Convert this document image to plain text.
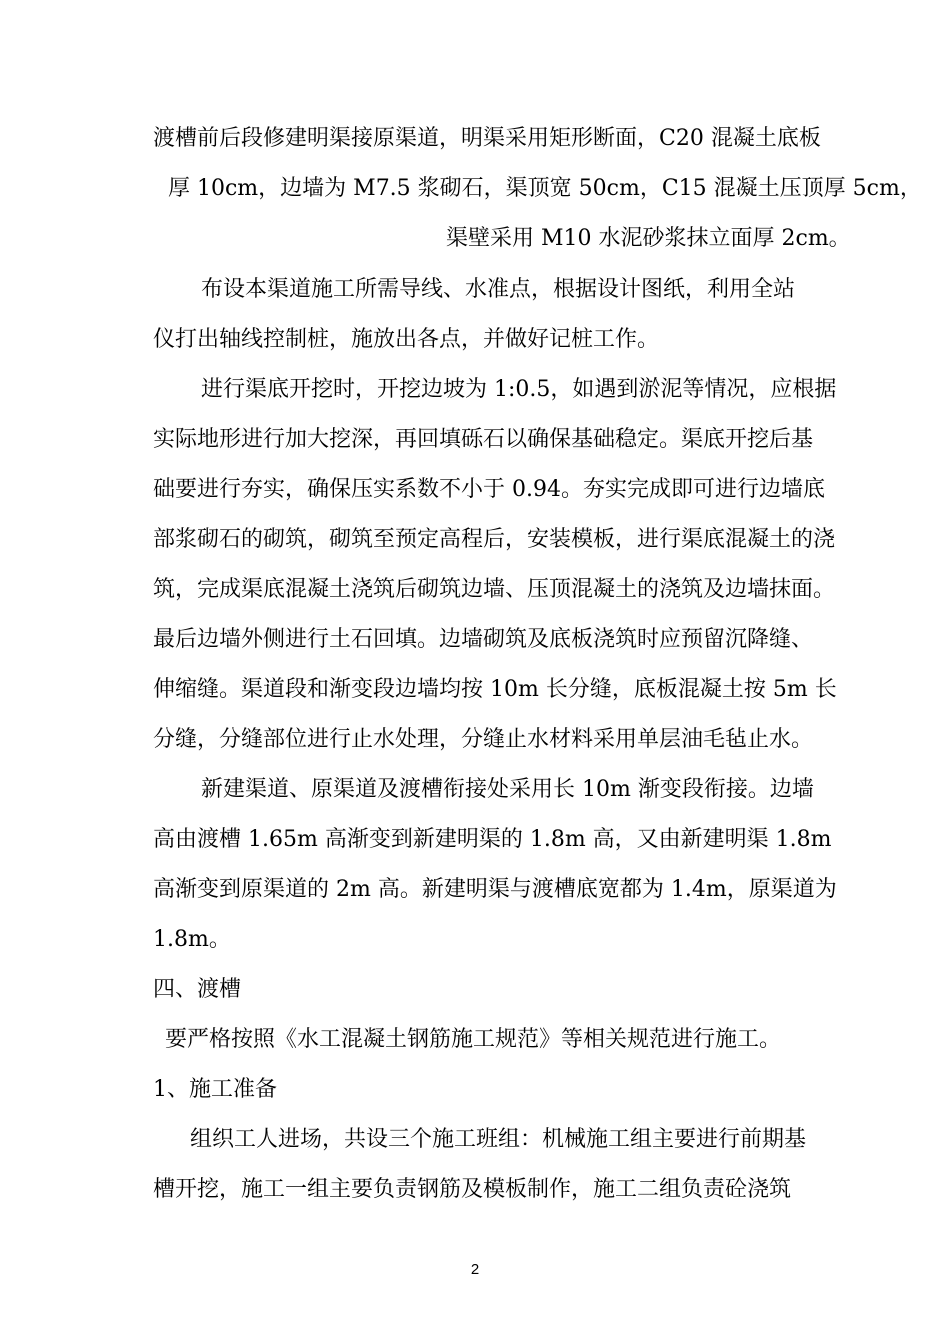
渡槽前后段修建明渠接原渠道，明渠采用矩形断面，C20 混凝土底板
厚 10cm，边墙为 M7.5 浆砌石，渠顶宽 50cm，C15 混凝土压顶厚 5cm，
渠壁采用 M10 水泥砂浆抹立面厚 2cm。
布设本渠道施工所需导线、水准点，根据设计图纸，利用全站
仪打出轴线控制桩，施放出各点，并做好记桩工作。
进行渠底开挖时，开挖边坡为 1:0.5，如遇到淤泥等情况，应根据
实际地形进行加大挖深，再回填砾石以确保基础稳定。渠底开挖后基
础要进行夯实，确保压实系数不小于 0.94。夯实完成即可进行边墙底
部浆砌石的砌筑，砌筑至预定高程后，安装模板，进行渠底混凝土的浇
筑，完成渠底混凝土浇筑后砌筑边墙、压顶混凝土的浇筑及边墙抹面。
最后边墙外侧进行土石回填。边墙砌筑及底板浇筑时应预留沉降缝、
伸缩缝。渠道段和渐变段边墙均按 10m 长分缝，底板混凝土按 5m 长
分缝，分缝部位进行止水处理，分缝止水材料采用单层油毛毡止水。
新建渠道、原渠道及渡槽衔接处采用长 10m 渐变段衔接。边墙
高由渡槽 1.65m 高渐变到新建明渠的 1.8m 高，又由新建明渠 1.8m
高渐变到原渠道的 2m 高。新建明渠与渡槽底宽都为 1.4m，原渠道为
1.8m。
四、渡槽
要严格按照《水工混凝土钢筋施工规范》等相关规范进行施工。
1、施工准备
组织工人进场，共设三个施工班组：机械施工组主要进行前期基
槽开挖，施工一组主要负责钢筋及模板制作，施工二组负责砼浇筑
2
